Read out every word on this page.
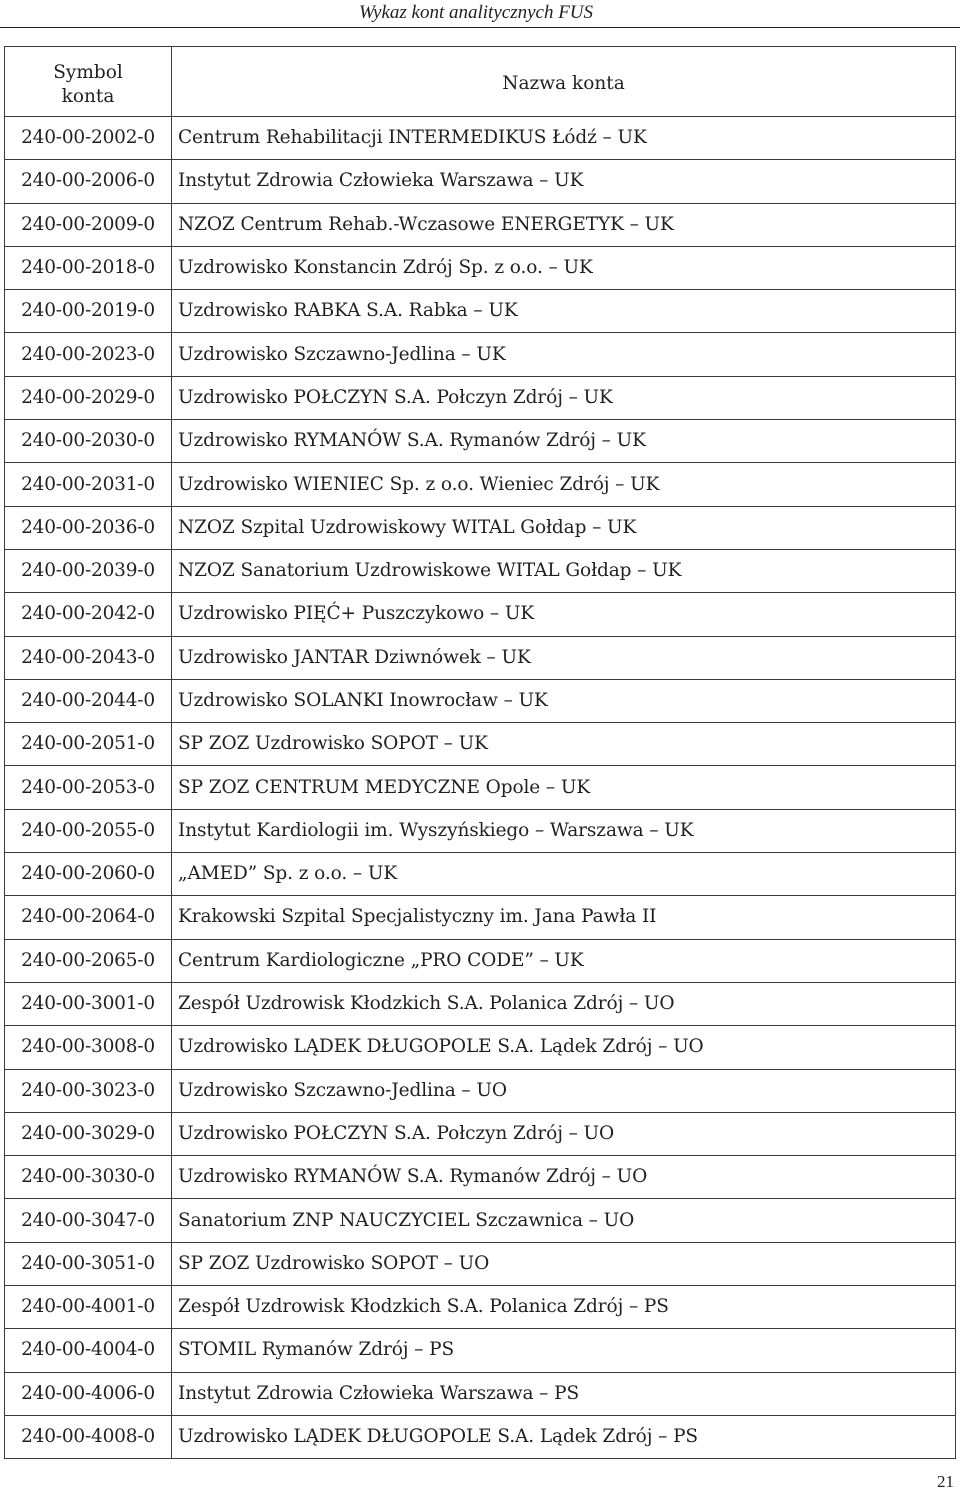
Wykaz kont analitycznych FUS
Symbol
konta	Nazwa konta
240-00-2002-0	Centrum Rehabilitacji INTERMEDIKUS Łódź – UK
240-00-2006-0	Instytut Zdrowia Człowieka Warszawa – UK
240-00-2009-0	NZOZ Centrum Rehab.-Wczasowe ENERGETYK – UK
240-00-2018-0	Uzdrowisko Konstancin Zdrój Sp. z o.o. – UK
240-00-2019-0	Uzdrowisko RABKA S.A. Rabka – UK
240-00-2023-0	Uzdrowisko Szczawno-Jedlina – UK
240-00-2029-0	Uzdrowisko POŁCZYN S.A. Połczyn Zdrój – UK
240-00-2030-0	Uzdrowisko RYMANÓW S.A. Rymanów Zdrój – UK
240-00-2031-0	Uzdrowisko WIENIEC Sp. z o.o. Wieniec Zdrój – UK
240-00-2036-0	NZOZ Szpital Uzdrowiskowy WITAL Gołdap – UK
240-00-2039-0	NZOZ Sanatorium Uzdrowiskowe WITAL Gołdap – UK
240-00-2042-0	Uzdrowisko PIĘĆ+ Puszczykowo – UK
240-00-2043-0	Uzdrowisko JANTAR Dziwnówek – UK
240-00-2044-0	Uzdrowisko SOLANKI Inowrocław – UK
240-00-2051-0	SP ZOZ Uzdrowisko SOPOT – UK
240-00-2053-0	SP ZOZ CENTRUM MEDYCZNE Opole – UK
240-00-2055-0	Instytut Kardiologii im. Wyszyńskiego – Warszawa – UK
240-00-2060-0	„AMED” Sp. z o.o. – UK
240-00-2064-0	Krakowski Szpital Specjalistyczny im. Jana Pawła II
240-00-2065-0	Centrum Kardiologiczne „PRO CODE” – UK
240-00-3001-0	Zespół Uzdrowisk Kłodzkich S.A. Polanica Zdrój – UO
240-00-3008-0	Uzdrowisko LĄDEK DŁUGOPOLE S.A. Lądek Zdrój – UO
240-00-3023-0	Uzdrowisko Szczawno-Jedlina – UO
240-00-3029-0	Uzdrowisko POŁCZYN S.A. Połczyn Zdrój – UO
240-00-3030-0	Uzdrowisko RYMANÓW S.A. Rymanów Zdrój – UO
240-00-3047-0	Sanatorium ZNP NAUCZYCIEL Szczawnica – UO
240-00-3051-0	SP ZOZ Uzdrowisko SOPOT – UO
240-00-4001-0	Zespół Uzdrowisk Kłodzkich S.A. Polanica Zdrój – PS
240-00-4004-0	STOMIL Rymanów Zdrój – PS
240-00-4006-0	Instytut Zdrowia Człowieka Warszawa – PS
240-00-4008-0	Uzdrowisko LĄDEK DŁUGOPOLE S.A. Lądek Zdrój – PS
21
